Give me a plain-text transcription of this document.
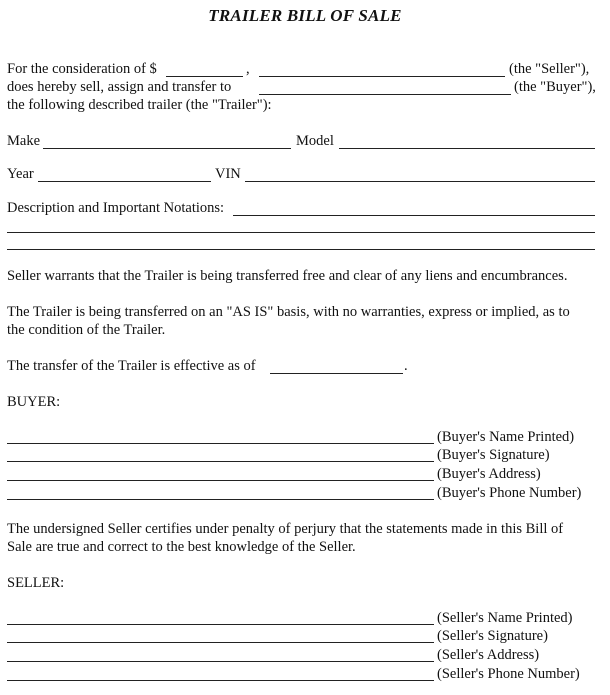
TRAILER BILL OF SALE
For the consideration of $	,	(the "Seller"),
does hereby sell, assign and transfer to	(the "Buyer"),
the following described trailer (the "Trailer"):
Make	Model
Year	VIN
Description and Important Notations:
Seller warrants that the Trailer is being transferred free and clear of any liens and encumbrances.
The Trailer is being transferred on an "AS IS" basis, with no warranties, express or implied, as to
the condition of the Trailer.
The transfer of the Trailer is effective as of	.
BUYER:
(Buyer's Name Printed)
(Buyer's Signature)
(Buyer's Address)
(Buyer's Phone Number)
The undersigned Seller certifies under penalty of perjury that the statements made in this Bill of
Sale are true and correct to the best knowledge of the Seller.
SELLER:
(Seller's Name Printed)
(Seller's Signature)
(Seller's Address)
(Seller's Phone Number)
